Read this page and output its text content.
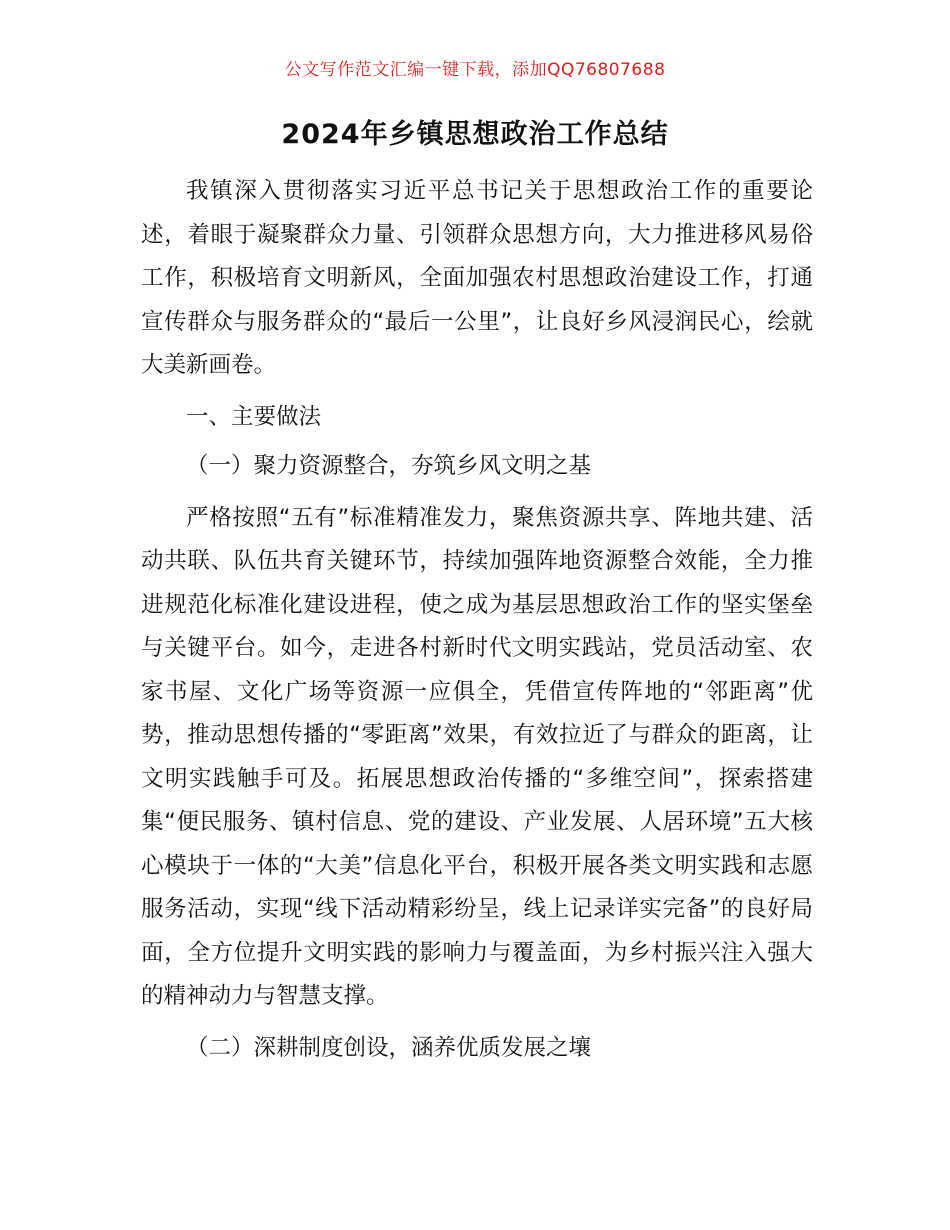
公文写作范文汇编一键下载，添加QQ76807688
2024年乡镇思想政治工作总结

我镇深入贯彻落实习近平总书记关于思想政治工作的重要论述，着眼于凝聚群众力量、引领群众思想方向，大力推进移风易俗工作，积极培育文明新风，全面加强农村思想政治建设工作，打通宣传群众与服务群众的“最后一公里”，让良好乡风浸润民心，绘就大美新画卷。

一、主要做法

（一）聚力资源整合，夯筑乡风文明之基

严格按照“五有”标准精准发力，聚焦资源共享、阵地共建、活动共联、队伍共育关键环节，持续加强阵地资源整合效能，全力推进规范化标准化建设进程，使之成为基层思想政治工作的坚实堡垒与关键平台。如今，走进各村新时代文明实践站，党员活动室、农家书屋、文化广场等资源一应俱全，凭借宣传阵地的“邻距离”优势，推动思想传播的“零距离”效果，有效拉近了与群众的距离，让文明实践触手可及。拓展思想政治传播的“多维空间”，探索搭建集“便民服务、镇村信息、党的建设、产业发展、人居环境”五大核心模块于一体的“大美”信息化平台，积极开展各类文明实践和志愿服务活动，实现“线下活动精彩纷呈，线上记录详实完备”的良好局面，全方位提升文明实践的影响力与覆盖面，为乡村振兴注入强大的精神动力与智慧支撑。

（二）深耕制度创设，涵养优质发展之壤
